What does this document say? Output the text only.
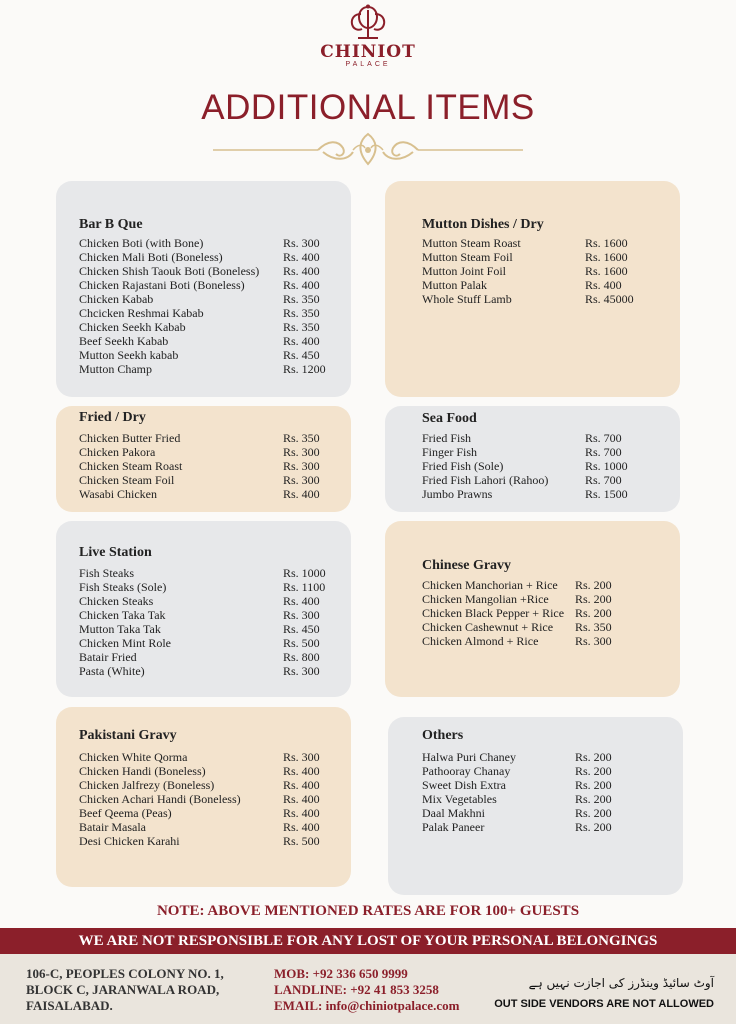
CHINIOT
PALACE
ADDITIONAL ITEMS
Bar B Que
Chicken Boti (with Bone)	Rs. 300
Chicken Mali Boti (Boneless)	Rs. 400
Chicken Shish Taouk Boti (Boneless) Rs. 400
Chicken Rajastani Boti (Boneless)	Rs. 400
Chicken Kabab	Rs. 350
Chcicken Reshmai Kabab	Rs. 350
Chicken Seekh Kabab	Rs. 350
Beef Seekh Kabab	Rs. 400
Mutton Seekh kabab	Rs. 450
Mutton Champ	Rs. 1200
Mutton Dishes / Dry
Mutton Steam Roast	Rs. 1600
Mutton Steam Foil	Rs. 1600
Mutton Joint Foil	Rs. 1600
Mutton Palak	Rs. 400
Whole Stuff Lamb	Rs. 45000
Fried / Dry
Chicken Butter Fried	Rs. 350
Chicken Pakora	Rs. 300
Chicken Steam Roast	Rs. 300
Chicken Steam Foil	Rs. 300
Wasabi Chicken	Rs. 400
Sea Food
Fried Fish	Rs. 700
Finger Fish	Rs. 700
Fried Fish (Sole)	Rs. 1000
Fried Fish Lahori (Rahoo)	Rs. 700
Jumbo Prawns	Rs. 1500
Live Station
Fish Steaks	Rs. 1000
Fish Steaks (Sole)	Rs. 1100
Chicken Steaks	Rs. 400
Chicken Taka Tak	Rs. 300
Mutton Taka Tak	Rs. 450
Chicken Mint Role	Rs. 500
Batair Fried	Rs. 800
Pasta (White)	Rs. 300
Chinese Gravy
Chicken Manchorian + Rice Rs. 200
Chicken Mangolian +Rice Rs. 200
Chicken Black Pepper + Rice Rs. 200
Chicken Cashewnut + Rice Rs. 350
Chicken Almond + Rice	Rs. 300
Pakistani Gravy
Chicken White Qorma	Rs. 300
Chicken Handi (Boneless)	Rs. 400
Chicken Jalfrezy (Boneless)	Rs. 400
Chicken Achari Handi (Boneless)	Rs. 400
Beef Qeema (Peas)	Rs. 400
Batair Masala	Rs. 400
Desi Chicken Karahi	Rs. 500
Others
Halwa Puri Chaney	Rs. 200
Pathooray Chanay	Rs. 200
Sweet Dish Extra	Rs. 200
Mix Vegetables	Rs. 200
Daal Makhni	Rs. 200
Palak Paneer	Rs. 200
NOTE: ABOVE MENTIONED RATES ARE FOR 100+ GUESTS
WE ARE NOT RESPONSIBLE FOR ANY LOST OF YOUR PERSONAL BELONGINGS
106-C, PEOPLES COLONY NO. 1,
BLOCK C, JARANWALA ROAD,
FAISALABAD.
MOB: +92 336 650 9999
LANDLINE: +92 41 853 3258
EMAIL: info@chiniotpalace.com
آوٹ سائیڈ وینڈرز کی اجازت نہیں ہے
OUT SIDE VENDORS ARE NOT ALLOWED
